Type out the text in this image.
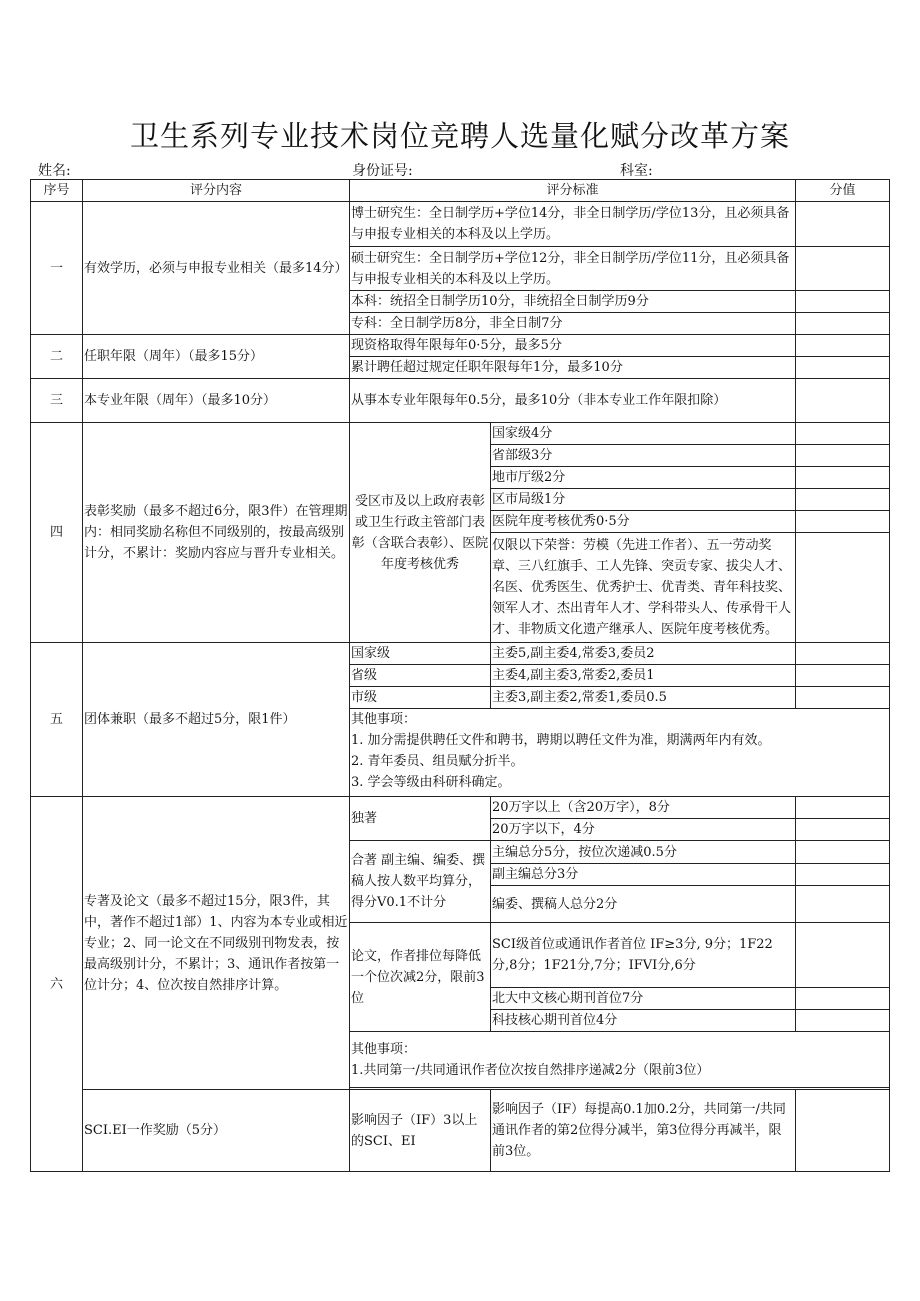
卫生系列专业技术岗位竞聘人选量化赋分改革方案
姓名:	身份证号:	科室:
序号	评分内容	评分标准		分值
一	有效学历，必须与申报专业相关（最多14分）	博士研究生：全日制学历+学位14分，非全日制学历/学位13分，且必须具备与申报专业相关的本科及以上学历。		
		硕士研究生：全日制学历+学位12分，非全日制学历/学位11分，且必须具备与申报专业相关的本科及以上学历。		
		本科：统招全日制学历10分，非统招全日制学历9分		
		专科：全日制学历8分，非全日制7分		
二	任职年限（周年）（最多15分）	现资格取得年限每年0·5分，最多5分		
		累计聘任超过规定任职年限每年1分，最多10分		
三	本专业年限（周年）（最多10分）	从事本专业年限每年0.5分，最多10分（非本专业工作年限扣除）		
四	表彰奖励（最多不超过6分，限3件）在管理期内：相同奖励名称但不同级别的，按最高级别计分，不累计：奖励内容应与晋升专业相关。	受区市及以上政府表彰或卫生行政主管部门表彰（含联合表彰）、医院年度考核优秀	国家级4分	
			省部级3分	
			地市厅级2分	
			区市局级1分	
			医院年度考核优秀0·5分	
			仅限以下荣誉：劳模（先进工作者）、五一劳动奖章、三八红旗手、工人先锋、突贡专家、拔尖人才、名医、优秀医生、优秀护士、优青类、青年科技奖、领军人才、杰出青年人才、学科带头人、传承骨干人才、非物质文化遗产继承人、医院年度考核优秀。	
五	团体兼职（最多不超过5分，限1件）	国家级	主委5,副主委4,常委3,委员2	
		省级	主委4,副主委3,常委2,委员1	
		市级	主委3,副主委2,常委1,委员0.5	

		其他事项：
1. 加分需提供聘任文件和聘书，聘期以聘任文件为准，期满两年内有效。
2. 青年委员、组员赋分折半。
3. 学会等级由科研科确定。		

六	专著及论文（最多不超过15分，限3件，其中，著作不超过1部）1、内容为本专业或相近专业；2、同一论文在不同级别刊物发表，按最高级别计分，不累计；3、通讯作者按第一位计分；4、位次按自然排序计算。	独著	20万字以上（含20万字），8分	
			20万字以下，4分	
		合著 副主编、编委、撰稿人按人数平均算分，得分Ⅴ0.1不计分	主编总分5分，按位次递减0.5分	
			副主编总分3分	
			编委、撰稿人总分2分	
		论文，作者排位每降低一个位次减2分，限前3位	SCI级首位或通讯作者首位 IF≥3分, 9分；1F22分,8分；1F21分,7分；IFVI分,6分	
			北大中文核心期刊首位7分	
			科技核心期刊首位4分	

		其他事项：
1.共同第一/共同通讯作者位次按自然排序递减2分（限前3位）		

	SCI.EI一作奖励（5分）	影响因子（IF）3以上的SCI、EI	影响因子（IF）每提高0.1加0.2分，共同第一/共同通讯作者的第2位得分减半，第3位得分再减半，限前3位。	
